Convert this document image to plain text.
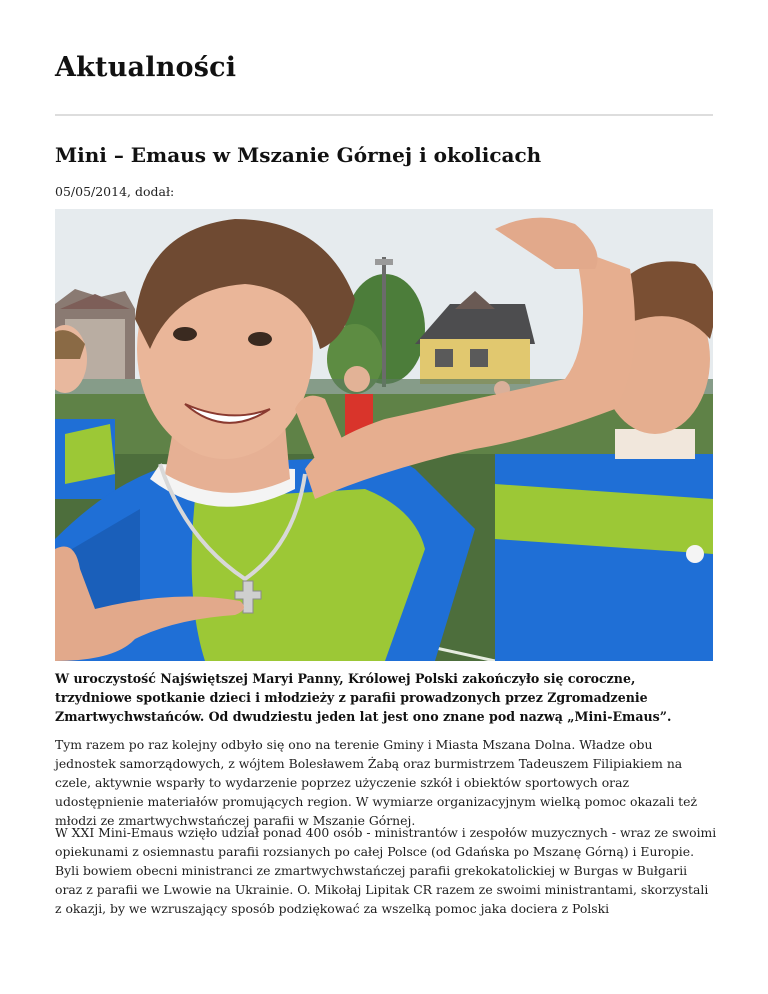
Aktualności
Mini – Emaus w Mszanie Górnej i okolicach
05/05/2014, dodał:

W uroczystość Najświętszej Maryi Panny, Królowej Polski zakończyło się coroczne, trzydniowe spotkanie dzieci i młodzieży z parafii prowadzonych przez Zgromadzenie Zmartwychwstańców. Od dwudziestu jeden lat jest ono znane pod nazwą „Mini-Emaus”.

Tym razem po raz kolejny odbyło się ono na terenie Gminy i Miasta Mszana Dolna. Władze obu jednostek samorządowych, z wójtem Bolesławem Żabą oraz burmistrzem Tadeuszem Filipiakiem na czele, aktywnie wsparły to wydarzenie poprzez użyczenie szkół i obiektów sportowych oraz udostępnienie materiałów promujących region. W wymiarze organizacyjnym wielką pomoc okazali też młodzi ze zmartwychwstańczej parafii w Mszanie Górnej.

W XXI Mini-Emaus wzięło udział ponad 400 osób - ministrantów i zespołów muzycznych - wraz ze swoimi opiekunami z osiemnastu parafii rozsianych po całej Polsce (od Gdańska po Mszanę Górną) i Europie. Byli bowiem obecni ministranci ze zmartwychwstańczej parafii grekokatolickiej w Burgas w Bułgarii oraz z parafii we Lwowie na Ukrainie. O. Mikołaj Lipitak CR razem ze swoimi ministrantami, skorzystali z okazji, by we wzruszający sposób podziękować za wszelką pomoc jaka dociera z Polski
